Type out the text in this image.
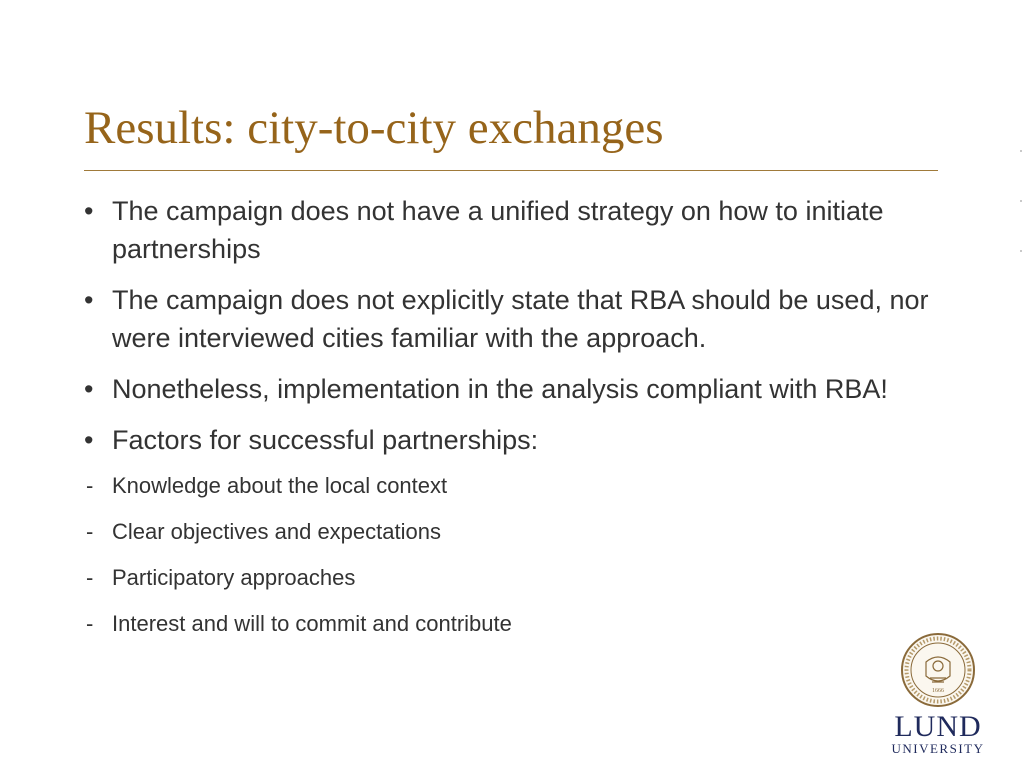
Results: city-to-city exchanges
• The campaign does not have a unified strategy on how to initiate partnerships
• The campaign does not explicitly state that RBA should be used, nor were interviewed cities familiar with the approach.
• Nonetheless, implementation in the analysis compliant with RBA!
• Factors for successful partnerships:
- Knowledge about the local context
- Clear objectives and expectations
- Participatory approaches
- Interest and will to commit and contribute
1666
LUND
UNIVERSITY
